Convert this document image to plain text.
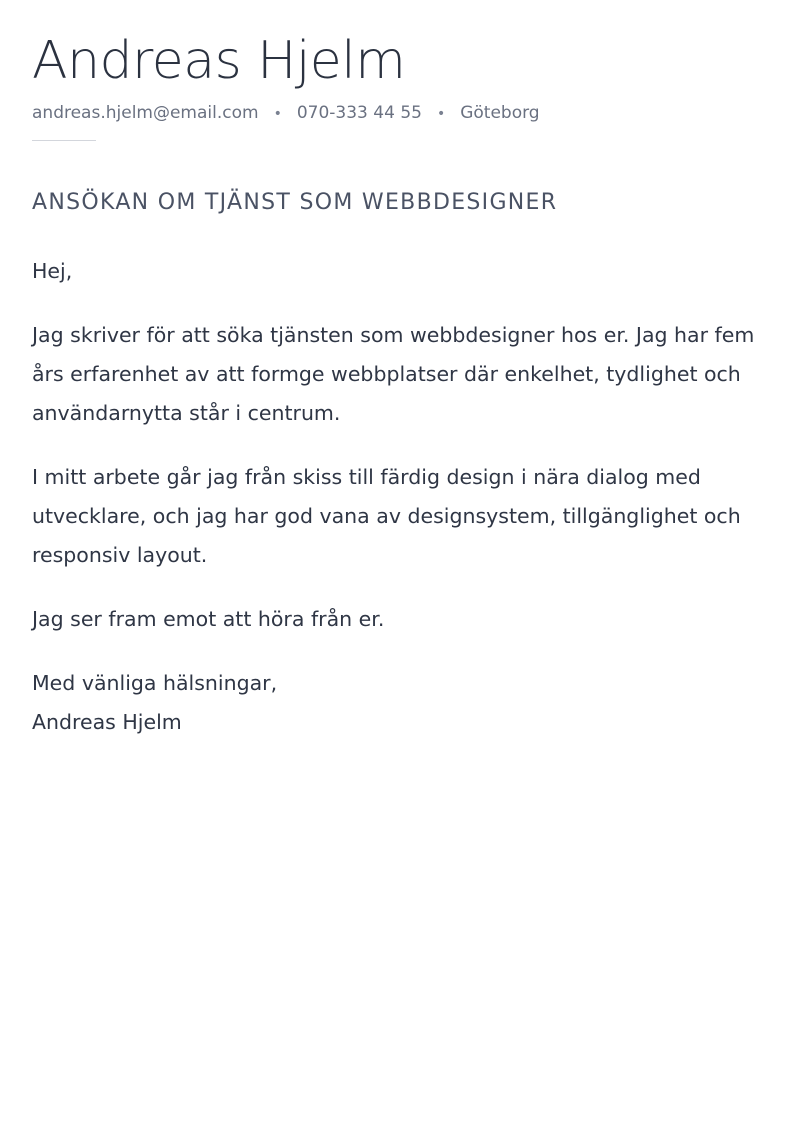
Andreas Hjelm
andreas.hjelm@email.com • 070-333 44 55 • Göteborg
ANSÖKAN OM TJÄNST SOM WEBBDESIGNER

Hej,

Jag skriver för att söka tjänsten som webbdesigner hos er. Jag har fem års erfarenhet av att formge webbplatser där enkelhet, tydlighet och användarnytta står i centrum.

I mitt arbete går jag från skiss till färdig design i nära dialog med utvecklare, och jag har god vana av designsystem, tillgänglighet och responsiv layout.

Jag ser fram emot att höra från er.

Med vänliga hälsningar,
Andreas Hjelm
